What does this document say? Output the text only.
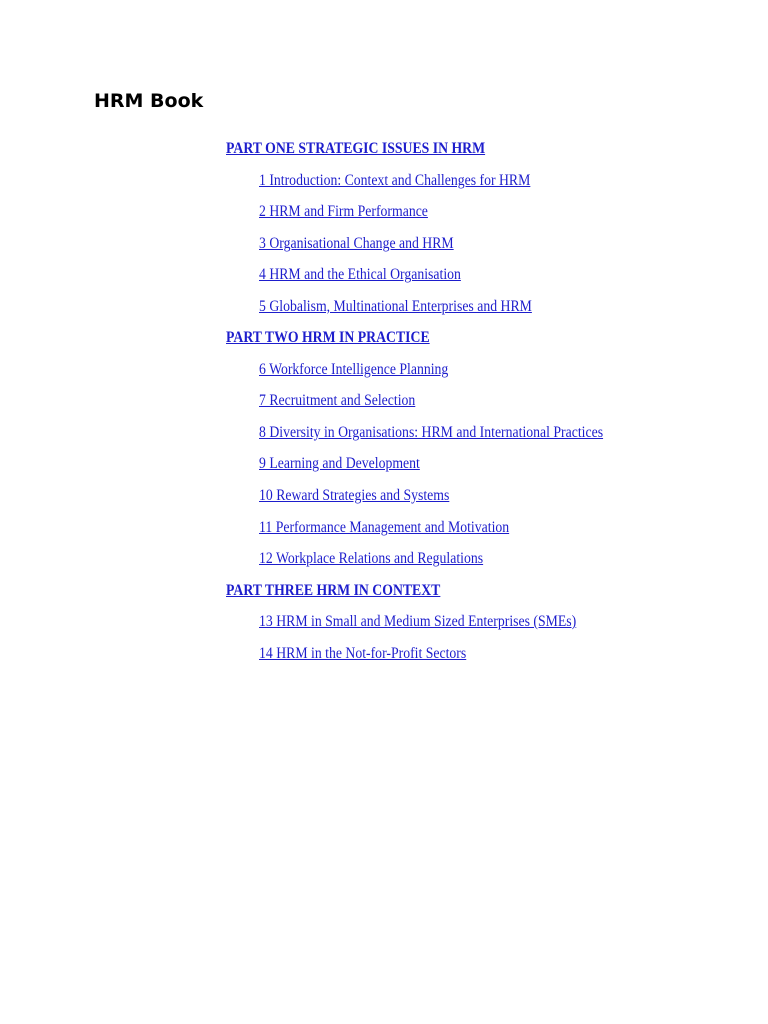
HRM Book
PART ONE STRATEGIC ISSUES IN HRM
1 Introduction: Context and Challenges for HRM
2 HRM and Firm Performance
3 Organisational Change and HRM
4 HRM and the Ethical Organisation
5 Globalism, Multinational Enterprises and HRM
PART TWO HRM IN PRACTICE
6 Workforce Intelligence Planning
7 Recruitment and Selection
8 Diversity in Organisations: HRM and International Practices
9 Learning and Development
10 Reward Strategies and Systems
11 Performance Management and Motivation
12 Workplace Relations and Regulations
PART THREE HRM IN CONTEXT
13 HRM in Small and Medium Sized Enterprises (SMEs)
14 HRM in the Not-for-Profit Sectors
